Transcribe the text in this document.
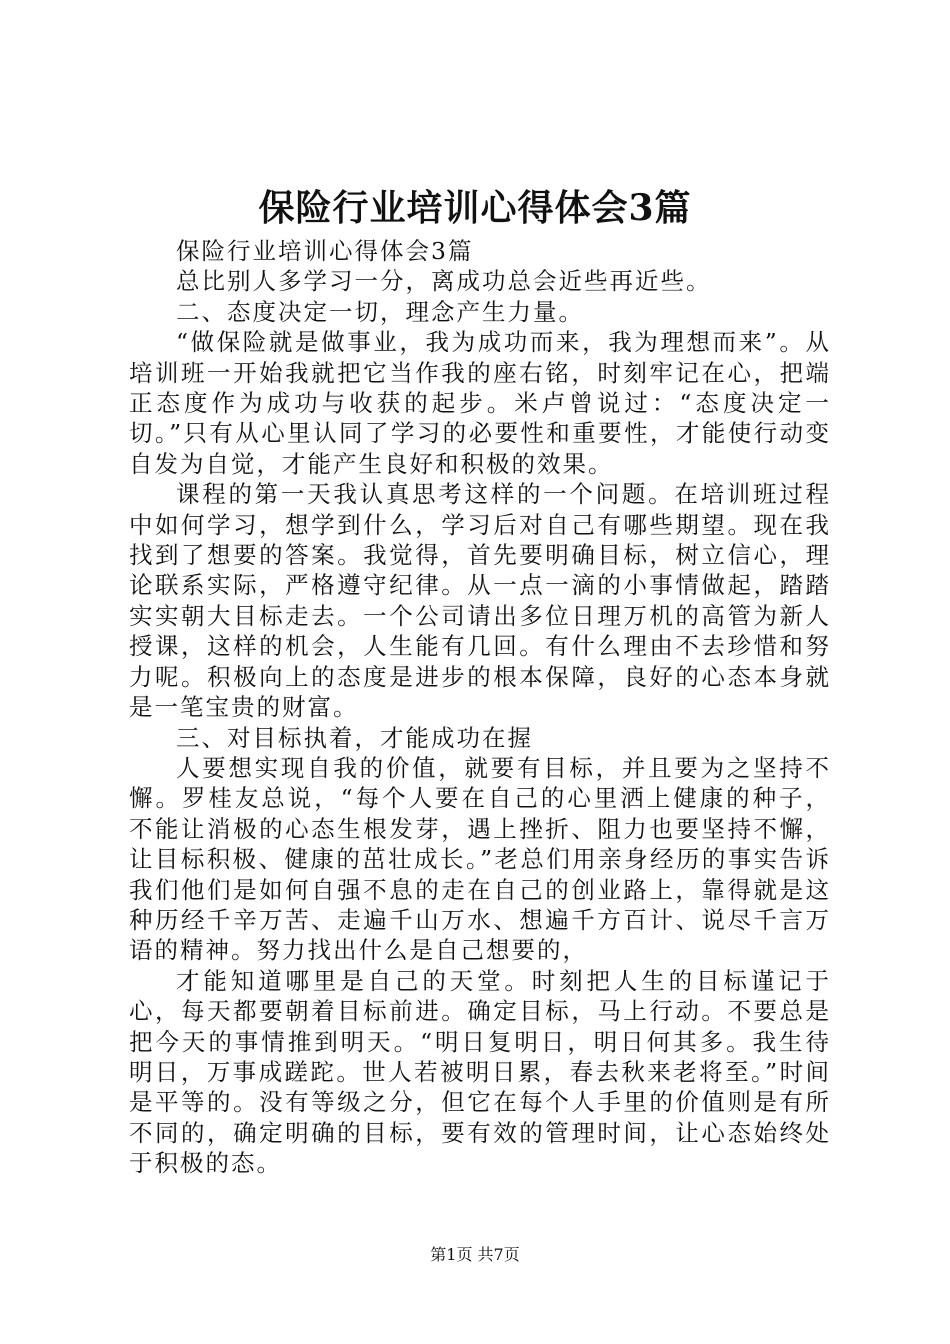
保险行业培训心得体会3篇

保险行业培训心得体会3篇

总比别人多学习一分，离成功总会近些再近些。

二、态度决定一切，理念产生力量。

“做保险就是做事业，我为成功而来，我为理想而来”。从培训班一开始我就把它当作我的座右铭，时刻牢记在心，把端正态度作为成功与收获的起步。米卢曾说过：“态度决定一切。”只有从心里认同了学习的必要性和重要性，才能使行动变自发为自觉，才能产生良好和积极的效果。

课程的第一天我认真思考这样的一个问题。在培训班过程中如何学习，想学到什么，学习后对自己有哪些期望。现在我找到了想要的答案。我觉得，首先要明确目标，树立信心，理论联系实际，严格遵守纪律。从一点一滴的小事情做起，踏踏实实朝大目标走去。一个公司请出多位日理万机的高管为新人授课，这样的机会，人生能有几回。有什么理由不去珍惜和努力呢。积极向上的态度是进步的根本保障，良好的心态本身就是一笔宝贵的财富。

三、对目标执着，才能成功在握

人要想实现自我的价值，就要有目标，并且要为之坚持不懈。罗桂友总说，“每个人要在自己的心里洒上健康的种子，不能让消极的心态生根发芽，遇上挫折、阻力也要坚持不懈，让目标积极、健康的茁壮成长。”老总们用亲身经历的事实告诉我们他们是如何自强不息的走在自己的创业路上，靠得就是这种历经千辛万苦、走遍千山万水、想遍千方百计、说尽千言万语的精神。努力找出什么是自己想要的，

才能知道哪里是自己的天堂。时刻把人生的目标谨记于心，每天都要朝着目标前进。确定目标，马上行动。不要总是把今天的事情推到明天。“明日复明日，明日何其多。我生待明日，万事成蹉跎。世人若被明日累，春去秋来老将至。”时间是平等的。没有等级之分，但它在每个人手里的价值则是有所不同的，确定明确的目标，要有效的管理时间，让心态始终处于积极的态。

第1页 共7页
